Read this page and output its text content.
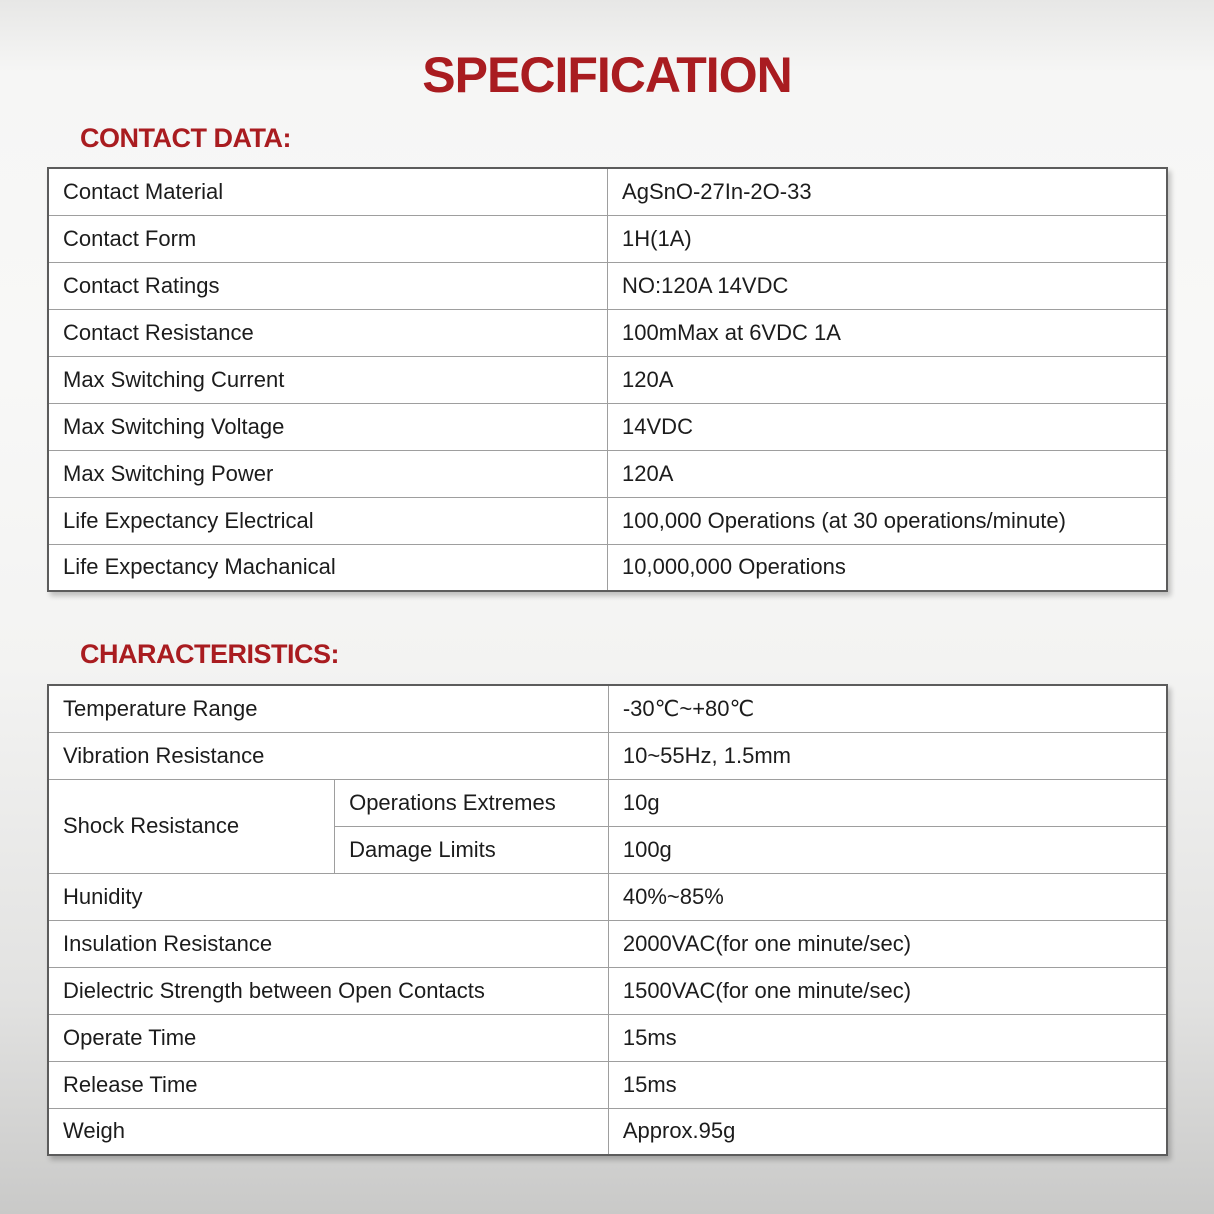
SPECIFICATION
CONTACT DATA:
Contact Material	AgSnO-27In-2O-33
Contact Form	1H(1A)
Contact Ratings	NO:120A 14VDC
Contact Resistance	100mMax at 6VDC 1A
Max Switching Current	120A
Max Switching Voltage	14VDC
Max Switching Power	120A
Life Expectancy Electrical	100,000 Operations (at 30 operations/minute)
Life Expectancy Machanical	10,000,000 Operations
CHARACTERISTICS:
Temperature Range		-30℃~+80℃
Vibration Resistance		10~55Hz, 1.5mm
Shock Resistance	Operations Extremes	10g
	Damage Limits	100g
Hunidity		40%~85%
Insulation Resistance		2000VAC(for one minute/sec)
Dielectric Strength between Open Contacts		1500VAC(for one minute/sec)
Operate Time		15ms
Release Time		15ms
Weigh		Approx.95g
